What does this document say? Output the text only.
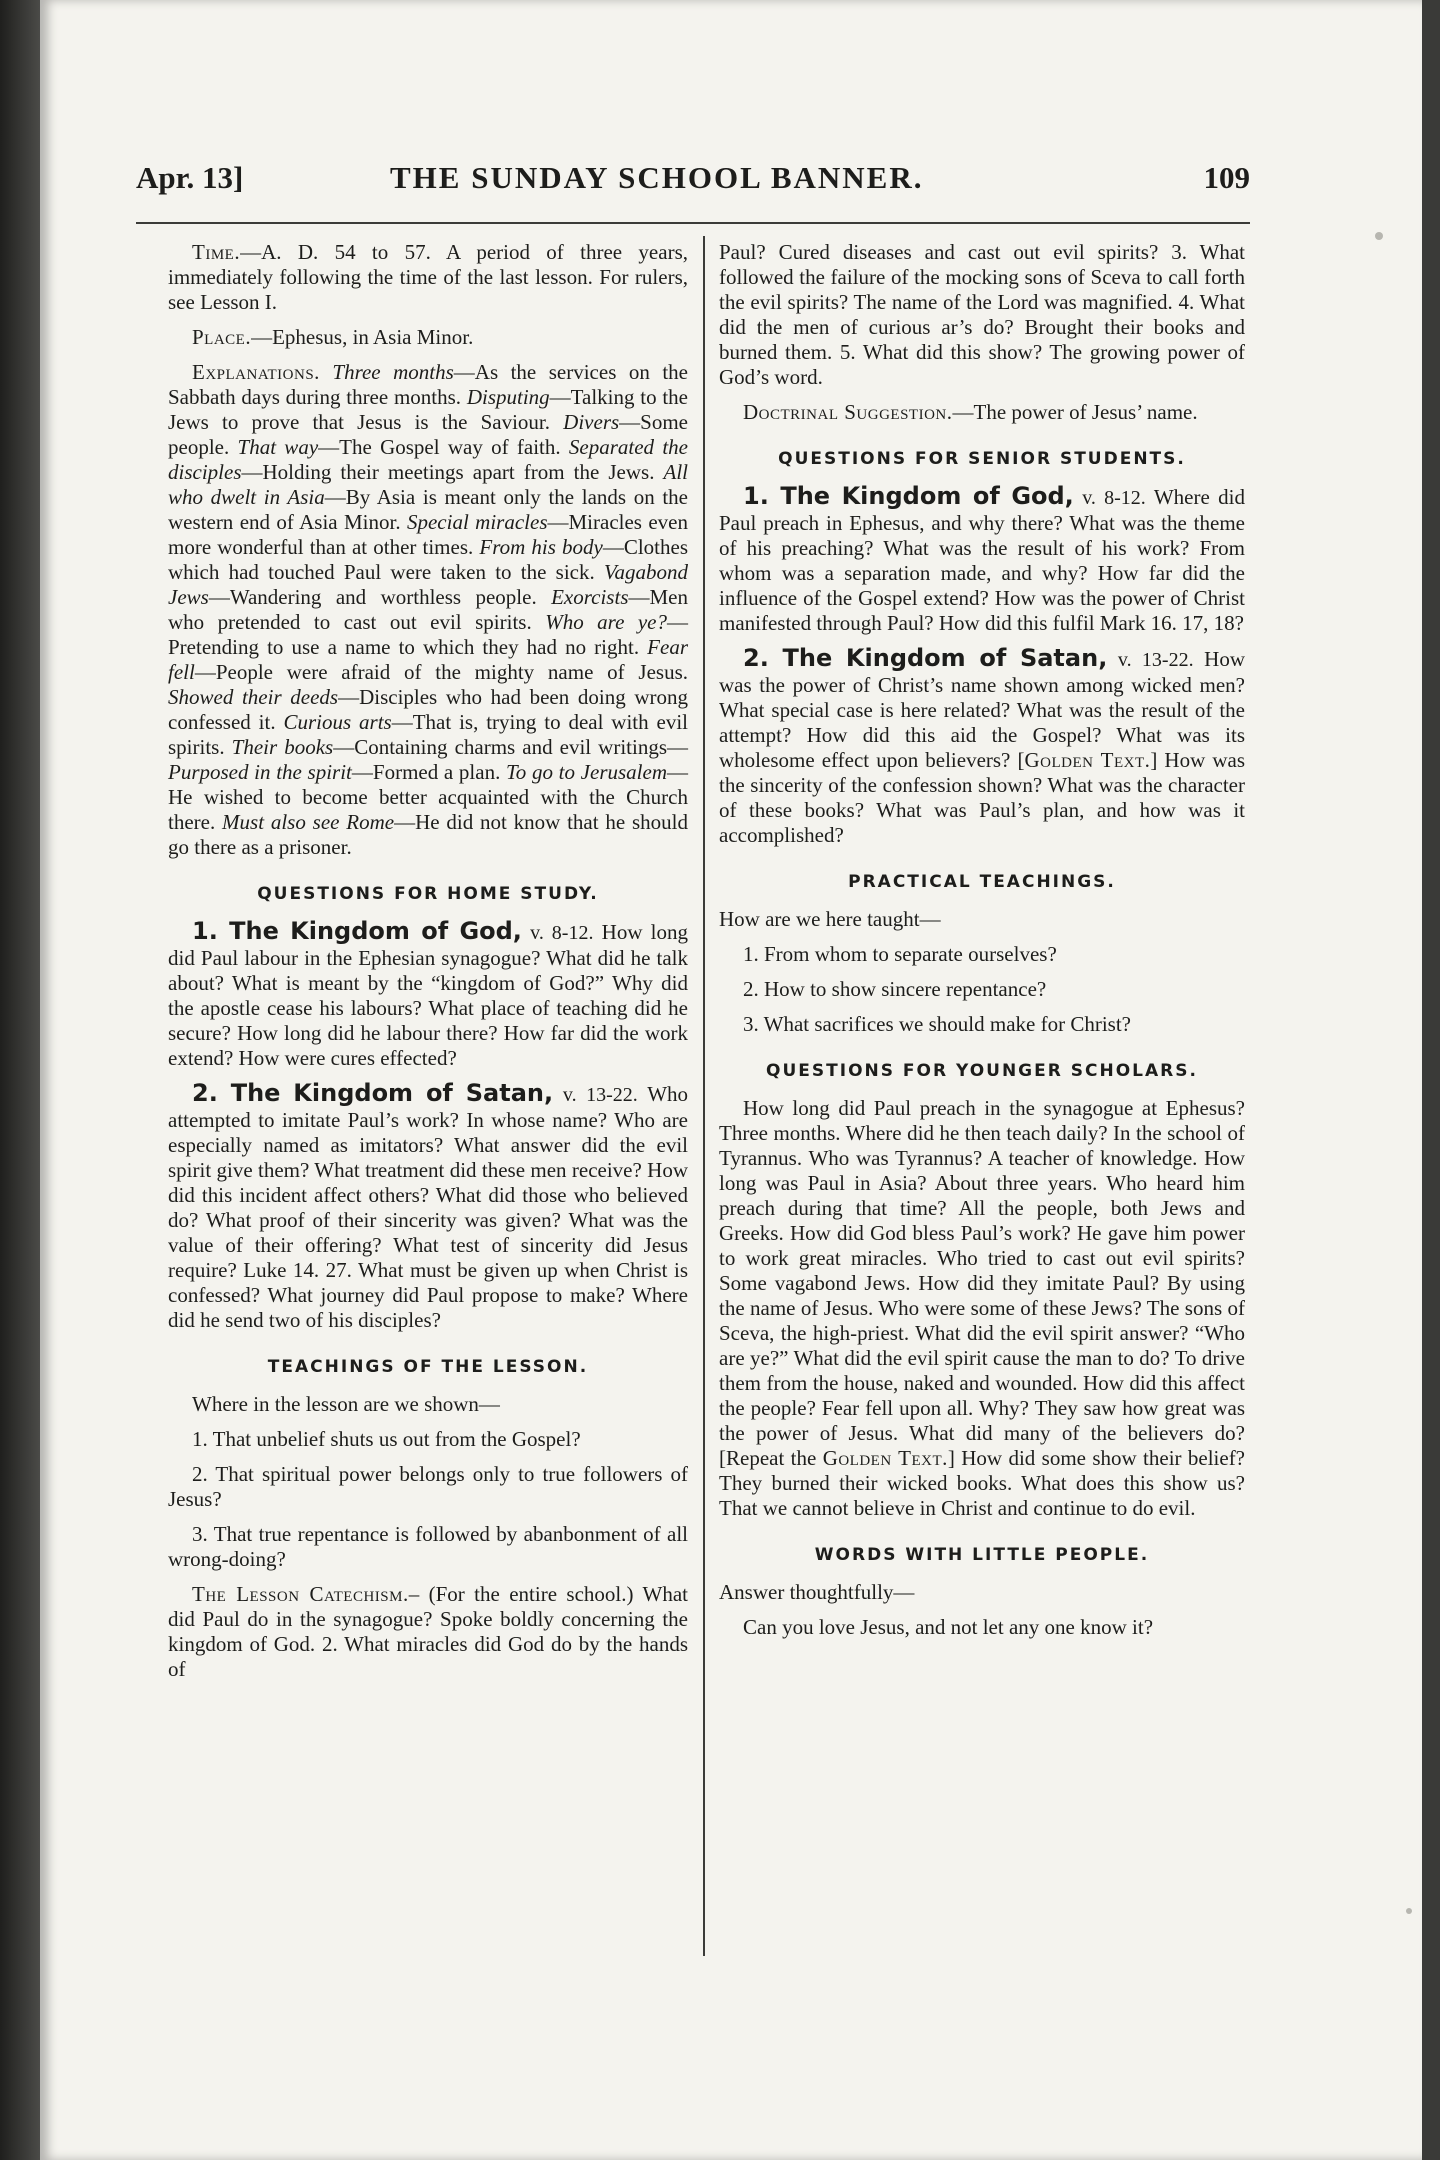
Apr. 13]	THE SUNDAY SCHOOL BANNER.	109

Time.—A. D. 54 to 57. A period of three years, immediately following the time of the last lesson. For rulers, see Lesson I.

Place.—Ephesus, in Asia Minor.

Explanations. Three months—As the services on the Sabbath days during three months. Disputing—Talking to the Jews to prove that Jesus is the Saviour. Divers—Some people. That way—The Gospel way of faith. Separated the disciples—Holding their meetings apart from the Jews. All who dwelt in Asia—By Asia is meant only the lands on the western end of Asia Minor. Special miracles—Miracles even more wonderful than at other times. From his body—Clothes which had touched Paul were taken to the sick. Vagabond Jews—Wandering and worthless people. Exorcists—Men who pretended to cast out evil spirits. Who are ye?—Pretending to use a name to which they had no right. Fear fell—People were afraid of the mighty name of Jesus. Showed their deeds—Disciples who had been doing wrong confessed it. Curious arts—That is, trying to deal with evil spirits. Their books—Containing charms and evil writings— Purposed in the spirit—Formed a plan. To go to Jerusalem—He wished to become better acquainted with the Church there. Must also see Rome—He did not know that he should go there as a prisoner.

QUESTIONS FOR HOME STUDY.

1. The Kingdom of God, v. 8-12. How long did Paul labour in the Ephesian synagogue? What did he talk about? What is meant by the “kingdom of God?” Why did the apostle cease his labours? What place of teaching did he secure? How long did he labour there? How far did the work extend? How were cures effected?

2. The Kingdom of Satan, v. 13-22. Who attempted to imitate Paul’s work? In whose name? Who are especially named as imitators? What answer did the evil spirit give them? What treatment did these men receive? How did this incident affect others? What did those who believed do? What proof of their sincerity was given? What was the value of their offering? What test of sincerity did Jesus require? Luke 14. 27. What must be given up when Christ is confessed? What journey did Paul propose to make? Where did he send two of his disciples?

TEACHINGS OF THE LESSON.

Where in the lesson are we shown—

1. That unbelief shuts us out from the Gospel?

2. That spiritual power belongs only to true followers of Jesus?

3. That true repentance is followed by abanbonment of all wrong-doing?

The Lesson Catechism.– (For the entire school.) What did Paul do in the synagogue? Spoke boldly concerning the kingdom of God. 2. What miracles did God do by the hands of

Paul? Cured diseases and cast out evil spirits? 3. What followed the failure of the mocking sons of Sceva to call forth the evil spirits? The name of the Lord was magnified. 4. What did the men of curious ar’s do? Brought their books and burned them. 5. What did this show? The growing power of God’s word.

Doctrinal Suggestion.—The power of Jesus’ name.

QUESTIONS FOR SENIOR STUDENTS.

1. The Kingdom of God, v. 8-12. Where did Paul preach in Ephesus, and why there? What was the theme of his preaching? What was the result of his work? From whom was a separation made, and why? How far did the influence of the Gospel extend? How was the power of Christ manifested through Paul? How did this fulfil Mark 16. 17, 18?

2. The Kingdom of Satan, v. 13-22. How was the power of Christ’s name shown among wicked men? What special case is here related? What was the result of the attempt? How did this aid the Gospel? What was its wholesome effect upon believers? [Golden Text.] How was the sincerity of the confession shown? What was the character of these books? What was Paul’s plan, and how was it accomplished?

PRACTICAL TEACHINGS.

How are we here taught—

1. From whom to separate ourselves?

2. How to show sincere repentance?

3. What sacrifices we should make for Christ?

QUESTIONS FOR YOUNGER SCHOLARS.

How long did Paul preach in the synagogue at Ephesus? Three months. Where did he then teach daily? In the school of Tyrannus. Who was Tyrannus? A teacher of knowledge. How long was Paul in Asia? About three years. Who heard him preach during that time? All the people, both Jews and Greeks. How did God bless Paul’s work? He gave him power to work great miracles. Who tried to cast out evil spirits? Some vagabond Jews. How did they imitate Paul? By using the name of Jesus. Who were some of these Jews? The sons of Sceva, the high-priest. What did the evil spirit answer? “Who are ye?” What did the evil spirit cause the man to do? To drive them from the house, naked and wounded. How did this affect the people? Fear fell upon all. Why? They saw how great was the power of Jesus. What did many of the believers do? [Repeat the Golden Text.] How did some show their belief? They burned their wicked books. What does this show us? That we cannot believe in Christ and continue to do evil.

WORDS WITH LITTLE PEOPLE.

Answer thoughtfully—

Can you love Jesus, and not let any one know it?
